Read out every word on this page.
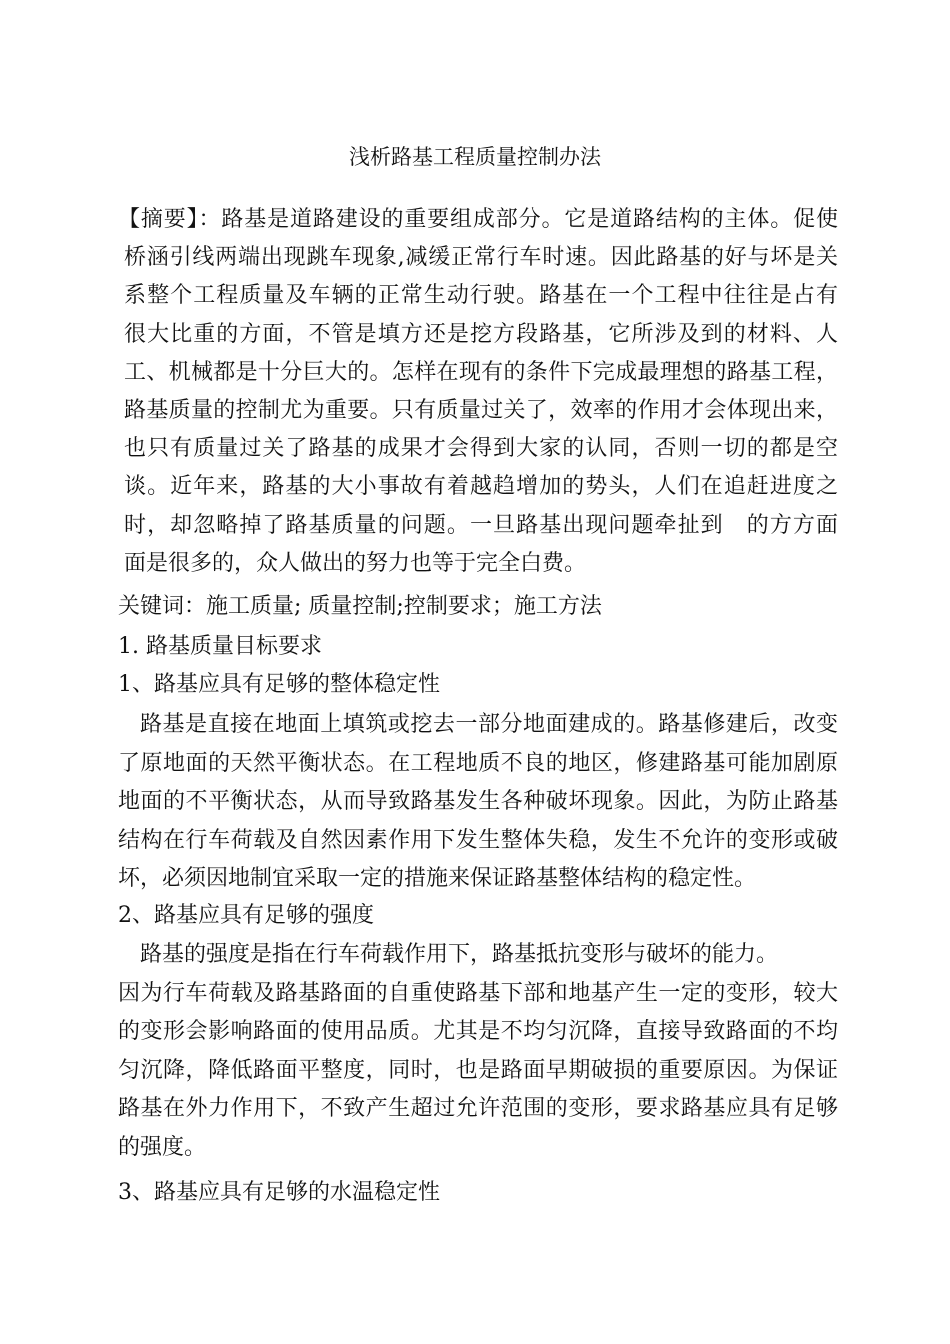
浅析路基工程质量控制办法
【摘要】：路基是道路建设的重要组成部分。它是道路结构的主体。促使
桥涵引线两端出现跳车现象,减缓正常行车时速。因此路基的好与坏是关
系整个工程质量及车辆的正常生动行驶。路基在一个工程中往往是占有
很大比重的方面，不管是填方还是挖方段路基，它所涉及到的材料、人
工、机械都是十分巨大的。怎样在现有的条件下完成最理想的路基工程，
路基质量的控制尤为重要。只有质量过关了，效率的作用才会体现出来，
也只有质量过关了路基的成果才会得到大家的认同，否则一切的都是空
谈。近年来，路基的大小事故有着越趋增加的势头，人们在追赶进度之
时，却忽略掉了路基质量的问题。一旦路基出现问题牵扯到　的方方面
面是很多的，众人做出的努力也等于完全白费。
关键词：施工质量; 质量控制;控制要求；施工方法
1. 路基质量目标要求
1、路基应具有足够的整体稳定性
路基是直接在地面上填筑或挖去一部分地面建成的。路基修建后，改变
了原地面的天然平衡状态。在工程地质不良的地区，修建路基可能加剧原
地面的不平衡状态，从而导致路基发生各种破坏现象。因此，为防止路基
结构在行车荷载及自然因素作用下发生整体失稳，发生不允许的变形或破
坏，必须因地制宜采取一定的措施来保证路基整体结构的稳定性。
2、路基应具有足够的强度
路基的强度是指在行车荷载作用下，路基抵抗变形与破坏的能力。
因为行车荷载及路基路面的自重使路基下部和地基产生一定的变形，较大
的变形会影响路面的使用品质。尤其是不均匀沉降，直接导致路面的不均
匀沉降，降低路面平整度，同时，也是路面早期破损的重要原因。为保证
路基在外力作用下，不致产生超过允许范围的变形，要求路基应具有足够
的强度。
3、路基应具有足够的水温稳定性
